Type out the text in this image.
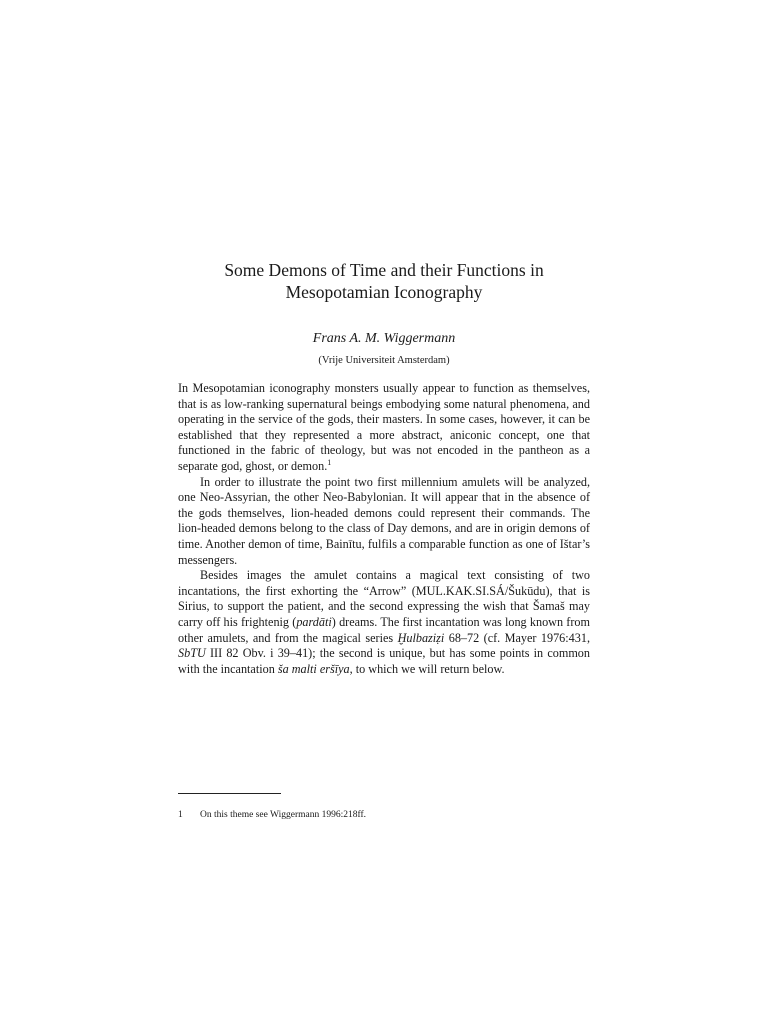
Some Demons of Time and their Functions in
Mesopotamian Iconography

Frans A. M. Wiggermann

(Vrije Universiteit Amsterdam)

In Mesopotamian iconography monsters usually appear to function as themselves, that is as low-ranking supernatural beings embodying some natural phenomena, and operating in the service of the gods, their masters. In some cases, however, it can be established that they represented a more abstract, aniconic concept, one that functioned in the fabric of theology, but was not encoded in the pantheon as a separate god, ghost, or demon.$^1$

In order to illustrate the point two first millennium amulets will be analyzed, one Neo-Assyrian, the other Neo-Babylonian. It will appear that in the absence of the gods themselves, lion-headed demons could represent their commands. The lion-headed demons belong to the class of Day demons, and are in origin demons of time. Another demon of time, Bainītu, fulfils a comparable function as one of Ištar’s messengers.

Besides images the amulet contains a magical text consisting of two incantations, the first exhorting the “Arrow” (MUL.KAK.SI.SÁ/Šukūdu), that is Sirius, to support the patient, and the second expressing the wish that Šamaš may carry off his frightenig (pardāti) dreams. The first incantation was long known from other amulets, and from the magical series Ḫulbaziẓi 68–72 (cf. Mayer 1976:431, SbTU III 82 Obv. i 39–41); the second is unique, but has some points in common with the incantation ša malti eršīya, to which we will return below.

1 On this theme see Wiggermann 1996:218ff.
